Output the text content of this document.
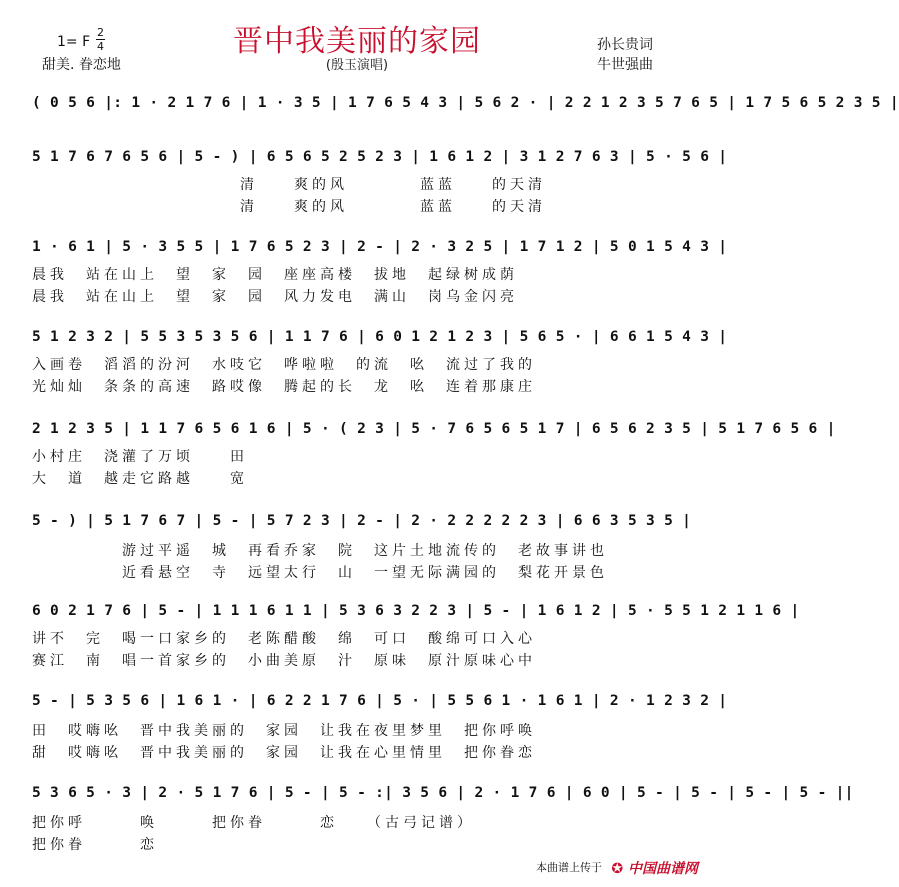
晋中我美丽的家园
(殷玉演唱)
1= F
2
4
甜美. 眷恋地
孙长贵词
牛世强曲
( 0 5 6 |: 1 · 2 1 7 6 | 1 · 3 5 | 1 7 6 5 4 3 | 5 6 2 · | 2 2 1 2 3 5 7 6 5 | 1 7 5 6 5 2 3 5 |
5 1 7 6 7 6 5 6 | 5 - ) | 6 5 6 5 2 5 2 3 | 1 6 1 2 | 3 1 2 7 6 3 | 5 · 5 6 |
清　　爽的风　　　　蓝蓝　　的天清
清　　爽的风　　　　蓝蓝　　的天清
1 · 6 1 | 5 · 3 5 5 | 1 7 6 5 2 3 | 2 - | 2 · 3 2 5 | 1 7 1 2 | 5 0 1 5 4 3 |
晨我　站在山上　望　家　园　座座高楼　拔地　起绿树成荫
晨我　站在山上　望　家　园　风力发电　满山　岗乌金闪亮
5 1 2 3 2 | 5 5 3 5 3 5 6 | 1 1 7 6 | 6 0 1 2 1 2 3 | 5 6 5 · | 6 6 1 5 4 3 |
入画卷　滔滔的汾河　水吱它　哗啦啦　的流　吆　流过了我的
光灿灿　条条的高速　路哎像　腾起的长　龙　吆　连着那康庄
2 1 2 3 5 | 1 1 7 6 5 6 1 6 | 5 · ( 2 3 | 5 · 7 6 5 6 5 1 7 | 6 5 6 2 3 5 | 5 1 7 6 5 6 |
小村庄　浇灌了万顷　　田
大　道　越走它路越　　宽
5 - ) | 5 1 7 6 7 | 5 - | 5 7 2 3 | 2 - | 2 · 2 2 2 2 2 3 | 6 6 3 5 3 5 |
游过平遥　城　再看乔家　院　这片土地流传的　老故事讲也
近看悬空　寺　远望太行　山　一望无际满园的　梨花开景色
6 0 2 1 7 6 | 5 - | 1 1 1 6 1 1 | 5 3 6 3 2 2 3 | 5 - | 1 6 1 2 | 5 · 5 5 1 2 1 1 6 |
讲不　完　喝一口家乡的　老陈醋酸　绵　可口　酸绵可口入心
赛江　南　唱一首家乡的　小曲美原　汁　原味　原汁原味心中
5 - | 5 3 5 6 | 1 6 1 · | 6 2 2 1 7 6 | 5 · | 5 5 6 1 · 1 6 1 | 2 · 1 2 3 2 |
田　哎嗨吆　晋中我美丽的　家园　让我在夜里梦里　把你呼唤
甜　哎嗨吆　晋中我美丽的　家园　让我在心里情里　把你眷恋
5 3 6 5 · 3 | 2 · 5 1 7 6 | 5 - | 5 - :| 3 5 6 | 2 · 1 7 6 | 6 0 | 5 - | 5 - | 5 - | 5 - ||
把你呼　　　唤　　　把你眷　　　恋　　（古弓记谱）
把你眷　　　恋
本曲谱上传于 ✪ 中国曲谱网
